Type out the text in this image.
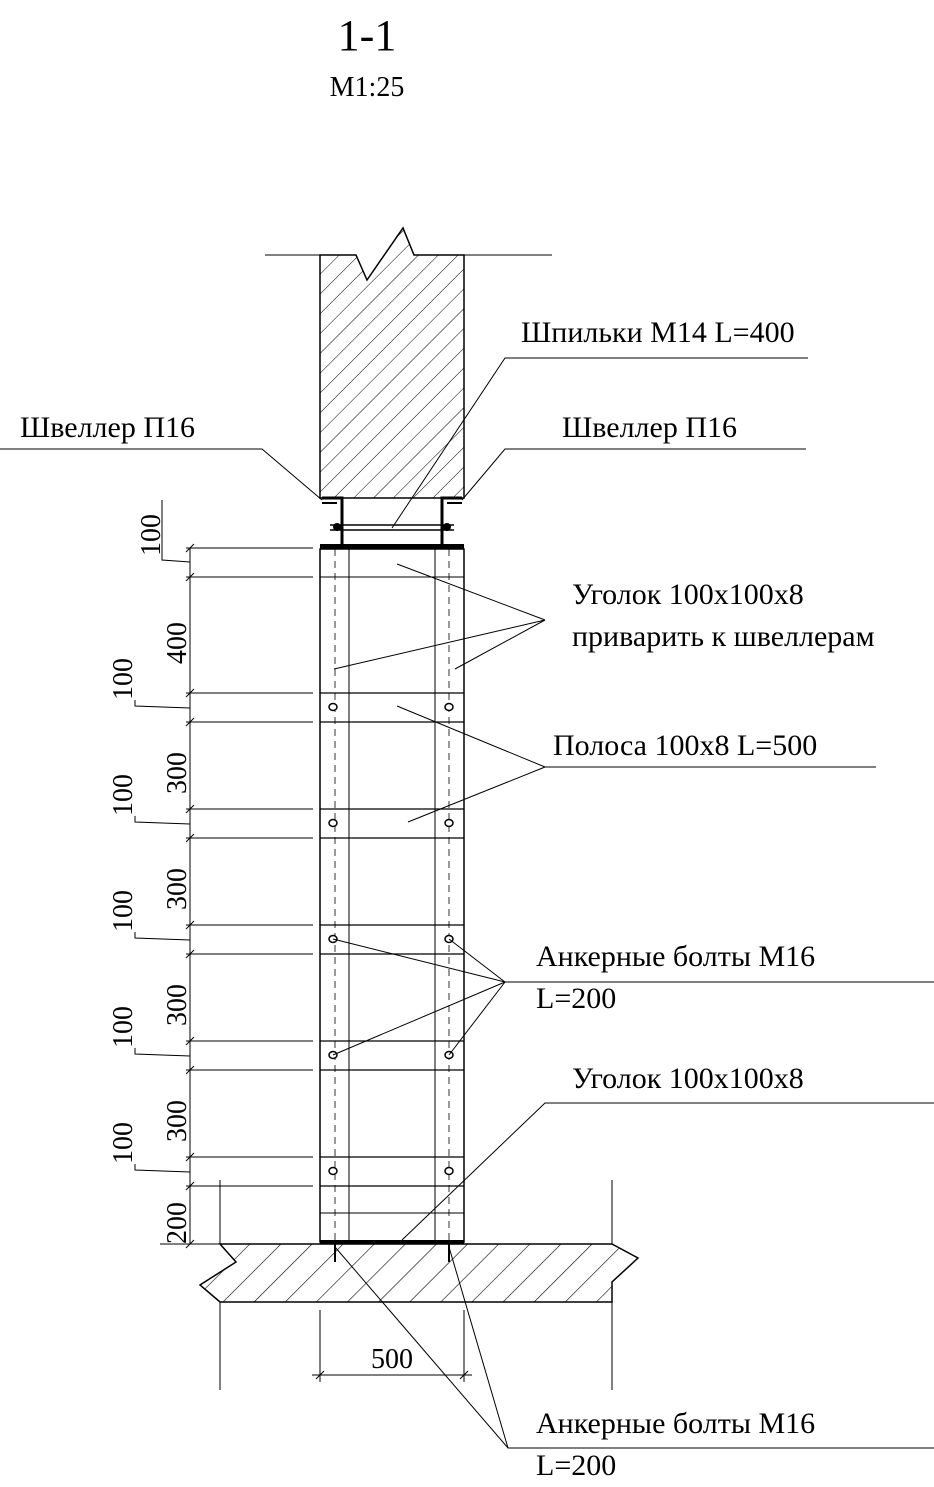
1-1
М1:25
100
400
100
300
100
300
100
300
100
300
100
200
500
Шпильки М14 L=400
Швеллер П16	Швеллер П16
Уголок 100х100х8
приварить к швеллерам
Полоса 100х8 L=500
Анкерные болты М16
L=200
Уголок 100х100х8
Анкерные болты М16
L=200
